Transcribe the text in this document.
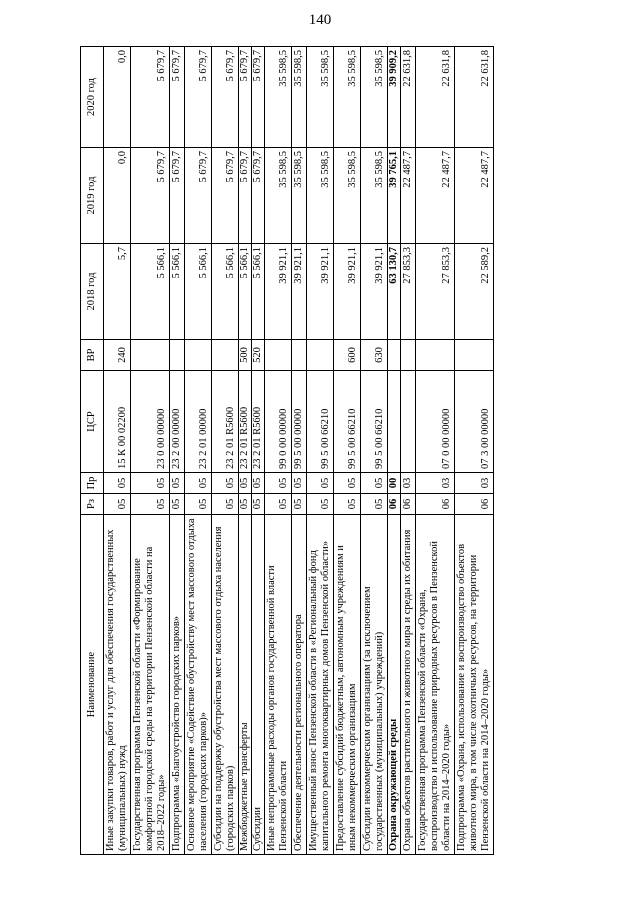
140
Наименование	Рз	Пр	ЦСР	ВР	2018 год	2019 год	2020 год
Иные закупки товаров, работ и услуг для обеспечения государственных (муниципальных) нужд	05	05	15 К 00 02200	240	5,7	0,0	0,0
Государственная программа Пензенской области «Формирование комфортной городской среды на территории Пензенской области на 2018–2022 годы»	05	05	23 0 00 00000		5 566,1	5 679,7	5 679,7
Подпрограмма «Благоустройство городских парков»	05	05	23 2 00 00000		5 566,1	5 679,7	5 679,7
Основное мероприятие «Содействие обустройству мест массового отдыха населения (городских парков)»	05	05	23 2 01 00000		5 566,1	5 679,7	5 679,7
Субсидии на поддержку обустройства мест массового отдыха населения (городских парков)	05	05	23 2 01 R5600		5 566,1	5 679,7	5 679,7
Межбюджетные трансферты	05	05	23 2 01 R5600	500	5 566,1	5 679,7	5 679,7
Субсидии	05	05	23 2 01 R5600	520	5 566,1	5 679,7	5 679,7
Иные непрограммные расходы органов государственной власти Пензенской области	05	05	99 0 00 00000		39 921,1	35 598,5	35 598,5
Обеспечение деятельности регионального оператора	05	05	99 5 00 00000		39 921,1	35 598,5	35 598,5
Имущественный взнос Пензенской области в «Региональный фонд капитального ремонта многоквартирных домов Пензенской области»	05	05	99 5 00 66210		39 921,1	35 598,5	35 598,5
Предоставление субсидий бюджетным, автономным учреждениям и иным некоммерческим организациям	05	05	99 5 00 66210	600	39 921,1	35 598,5	35 598,5
Субсидии некоммерческим организациям (за исключением государственных (муниципальных) учреждений)	05	05	99 5 00 66210	630	39 921,1	35 598,5	35 598,5
Охрана окружающей среды	06	00			63 130,7	39 765,1	39 909,2
Охрана объектов растительного и животного мира и среды их обитания	06	03			27 853,3	22 487,7	22 631,8
Государственная программа Пензенской области «Охрана, воспроизводство и использование природных ресурсов в Пензенской области на 2014–2020 годы»	06	03	07 0 00 00000		27 853,3	22 487,7	22 631,8
Подпрограмма «Охрана, использование и воспроизводство объектов животного мира, в том числе охотничьих ресурсов, на территории Пензенской области на 2014–2020 годы»	06	03	07 3 00 00000		22 589,2	22 487,7	22 631,8
